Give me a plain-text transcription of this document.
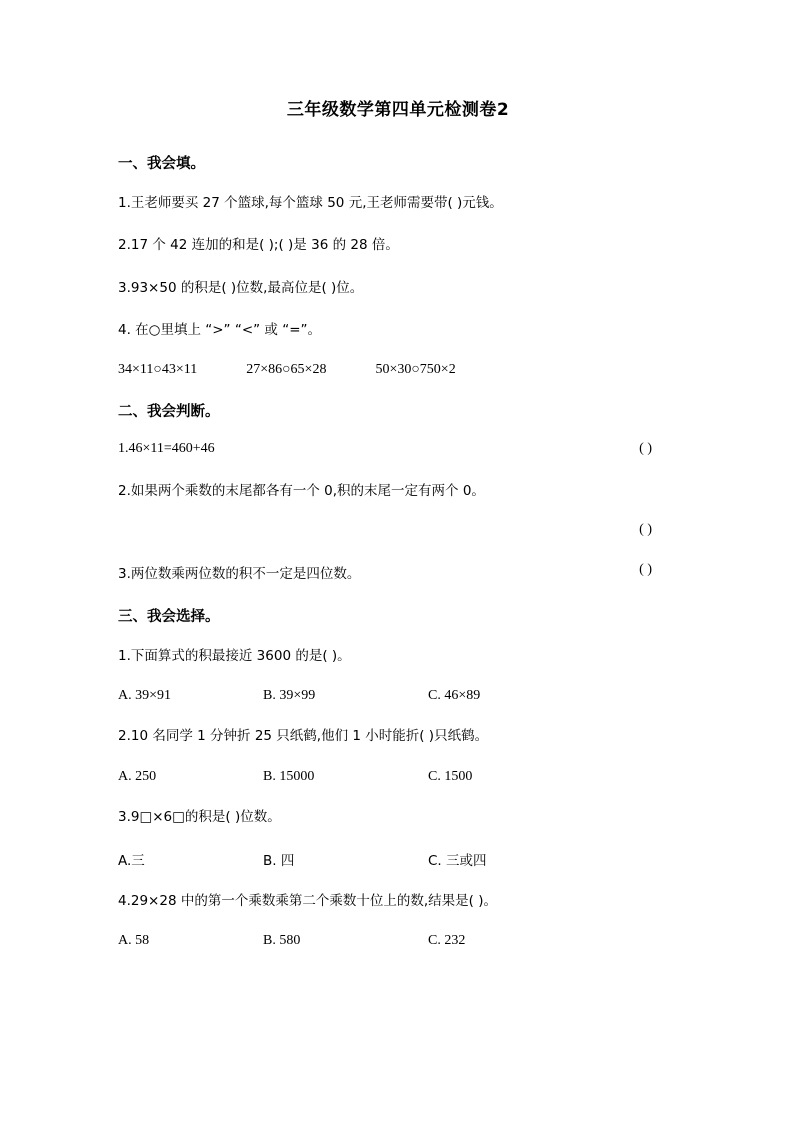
三年级数学第四单元检测卷2
一、我会填。
1.王老师要买 27 个篮球,每个篮球 50 元,王老师需要带( )元钱。
2.17 个 42 连加的和是( );( )是 36 的 28 倍。
3.93×50 的积是( )位数,最高位是( )位。
4. 在○里填上 “>” “<” 或 “=”。
34×11○43×11              27×86○65×28              50×30○750×2
二、我会判断。
1.46×11=460+46	( )
2.如果两个乘数的末尾都各有一个 0,积的末尾一定有两个 0。
( )
3.两位数乘两位数的积不一定是四位数。	( )
三、我会选择。
1.下面算式的积最接近 3600 的是( )。
A. 39×91	B. 39×99	C. 46×89
2.10 名同学 1 分钟折 25 只纸鹤,他们 1 小时能折( )只纸鹤。
A. 250	B. 15000	C. 1500
3.9□×6□的积是( )位数。
A.三	B. 四	C. 三或四
4.29×28 中的第一个乘数乘第二个乘数十位上的数,结果是( )。
A. 58	B. 580	C. 232
